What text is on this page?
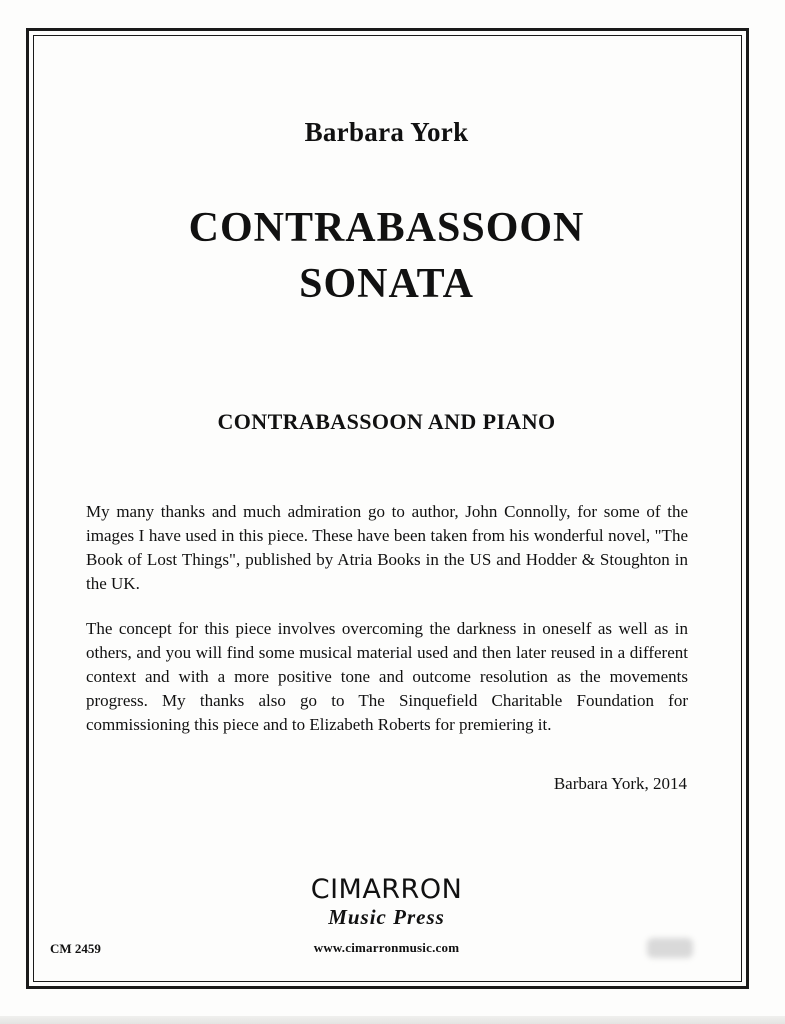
Barbara York
CONTRABASSOON
SONATA
CONTRABASSOON AND PIANO

My many thanks and much admiration go to author, John Connolly, for some of the images I have used in this piece. These have been taken from his wonderful novel, "The Book of Lost Things", published by Atria Books in the US and Hodder & Stoughton in the UK.

The concept for this piece involves overcoming the darkness in oneself as well as in others, and you will find some musical material used and then later reused in a different context and with a more positive tone and outcome resolution as the movements progress. My thanks also go to The Sinquefield Charitable Foundation for commissioning this piece and to Elizabeth Roberts for premiering it.

Barbara York, 2014
CIMARRON
Music Press
www.cimarronmusic.com
CM 2459
